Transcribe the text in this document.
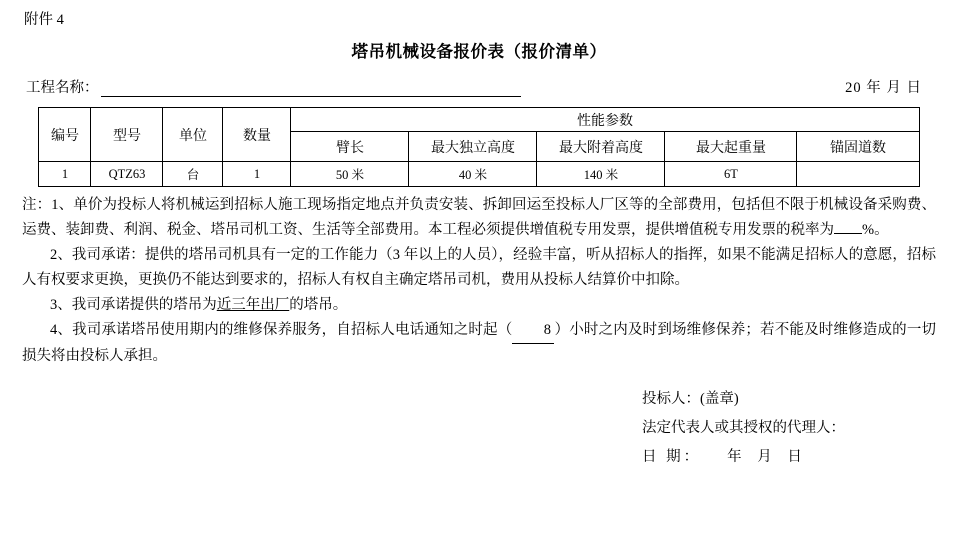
附件 4
塔吊机械设备报价表（报价清单）
工程名称：	20 年 月 日
编号	型号	单位	数量	性能参数				
				臂长	最大独立高度	最大附着高度	最大起重量	锚固道数
1	QTZ63	台	1	50 米	40 米	140 米	6T	

注：1、单价为投标人将机械运到招标人施工现场指定地点并负责安装、拆卸回运至投标人厂区等的全部费用，包括但不限于机械设备采购费、运费、装卸费、利润、税金、塔吊司机工资、生活等全部费用。本工程必须提供增值税专用发票，提供增值税专用发票的税率为 %。

2、我司承诺：提供的塔吊司机具有一定的工作能力（3 年以上的人员），经验丰富，听从招标人的指挥，如果不能满足招标人的意愿，招标人有权要求更换，更换仍不能达到要求的，招标人有权自主确定塔吊司机，费用从投标人结算价中扣除。

3、我司承诺提供的塔吊为近三年出厂的塔吊。

4、我司承诺塔吊使用期内的维修保养服务，自招标人电话通知之时起（ 8 ）小时之内及时到场维修保养；若不能及时维修造成的一切损失将由投标人承担。

投标人：(盖章)
法定代表人或其授权的代理人：
日 期： 年 月 日
